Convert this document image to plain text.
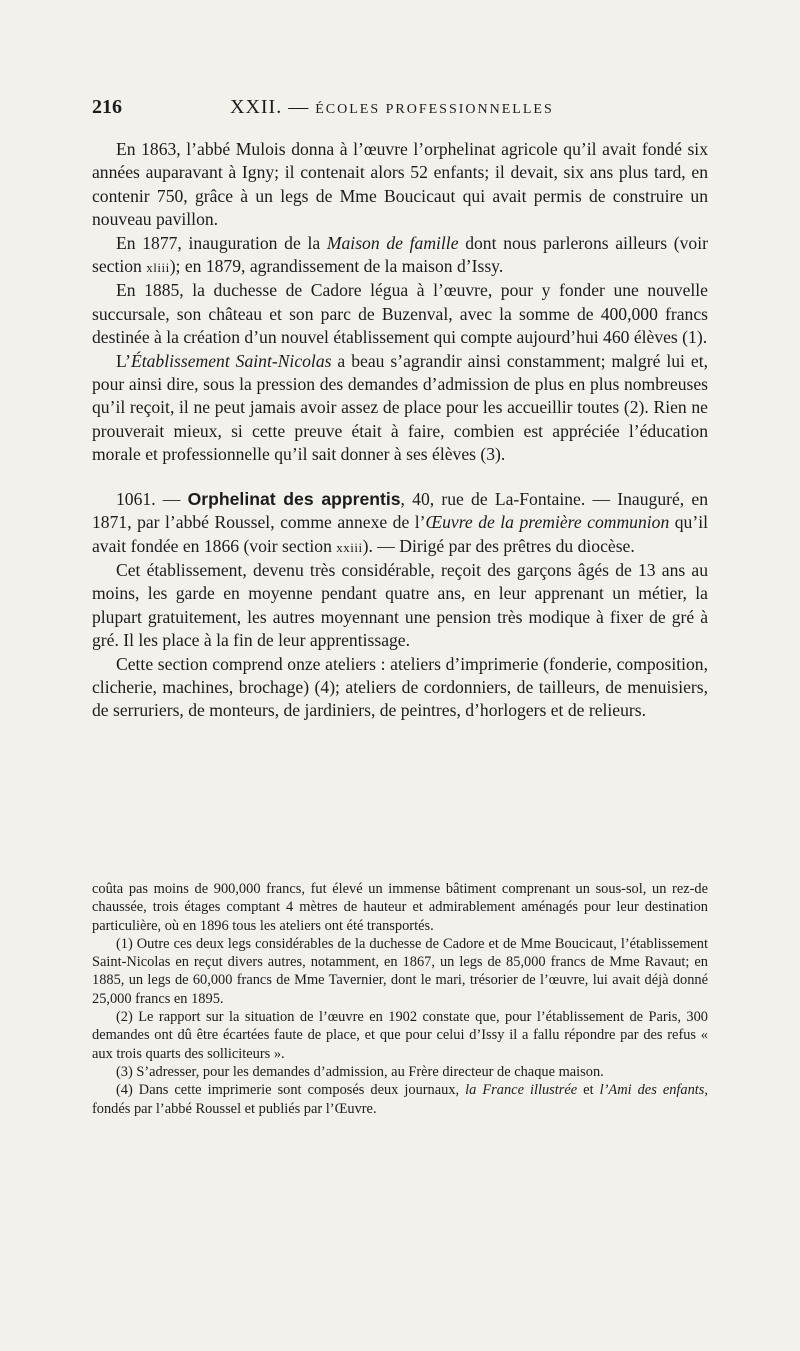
216	XXII. — ÉCOLES PROFESSIONNELLES

En 1863, l’abbé Mulois donna à l’œuvre l’orphelinat agricole qu’il avait fondé six années auparavant à Igny; il contenait alors 52 enfants; il devait, six ans plus tard, en contenir 750, grâce à un legs de Mme Boucicaut qui avait permis de construire un nouveau pavillon.

En 1877, inauguration de la Maison de famille dont nous parlerons ailleurs (voir section xliii); en 1879, agrandissement de la maison d’Issy.

En 1885, la duchesse de Cadore légua à l’œuvre, pour y fonder une nouvelle succursale, son château et son parc de Buzenval, avec la somme de 400,000 francs destinée à la création d’un nouvel établissement qui compte aujourd’hui 460 élèves (1).

L’Établissement Saint-Nicolas a beau s’agrandir ainsi constamment; malgré lui et, pour ainsi dire, sous la pression des demandes d’admission de plus en plus nombreuses qu’il reçoit, il ne peut jamais avoir assez de place pour les accueillir toutes (2). Rien ne prouverait mieux, si cette preuve était à faire, combien est appréciée l’éducation morale et professionnelle qu’il sait donner à ses élèves (3).

1061. — Orphelinat des apprentis, 40, rue de La-Fontaine. — Inauguré, en 1871, par l’abbé Roussel, comme annexe de l’Œuvre de la première communion qu’il avait fondée en 1866 (voir section xxiii). — Dirigé par des prêtres du diocèse.

Cet établissement, devenu très considérable, reçoit des garçons âgés de 13 ans au moins, les garde en moyenne pendant quatre ans, en leur apprenant un métier, la plupart gratuitement, les autres moyennant une pension très modique à fixer de gré à gré. Il les place à la fin de leur apprentissage.

Cette section comprend onze ateliers : ateliers d’imprimerie (fonderie, composition, clicherie, machines, brochage) (4); ateliers de cordonniers, de tailleurs, de menuisiers, de serruriers, de monteurs, de jardiniers, de peintres, d’horlogers et de relieurs.

coûta pas moins de 900,000 francs, fut élevé un immense bâtiment comprenant un sous-sol, un rez-de chaussée, trois étages comptant 4 mètres de hauteur et admirablement aménagés pour leur destination particulière, où en 1896 tous les ateliers ont été transportés.

(1) Outre ces deux legs considérables de la duchesse de Cadore et de Mme Boucicaut, l’établissement Saint-Nicolas en reçut divers autres, notamment, en 1867, un legs de 85,000 francs de Mme Ravaut; en 1885, un legs de 60,000 francs de Mme Tavernier, dont le mari, trésorier de l’œuvre, lui avait déjà donné 25,000 francs en 1895.

(2) Le rapport sur la situation de l’œuvre en 1902 constate que, pour l’établissement de Paris, 300 demandes ont dû être écartées faute de place, et que pour celui d’Issy il a fallu répondre par des refus « aux trois quarts des solliciteurs ».

(3) S’adresser, pour les demandes d’admission, au Frère directeur de chaque maison.

(4) Dans cette imprimerie sont composés deux journaux, la France illustrée et l’Ami des enfants, fondés par l’abbé Roussel et publiés par l’Œuvre.
